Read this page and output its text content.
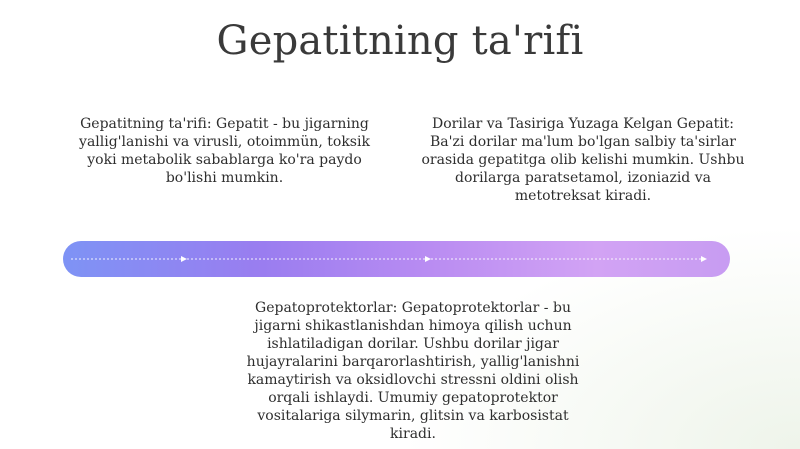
Gepatitning ta'rifi
Gepatitning ta'rifi: Gepatit - bu jigarning yallig'lanishi va virusli, otoimmün, toksik yoki metabolik sabablarga ko'ra paydo bo'lishi mumkin.
Dorilar va Tasiriga Yuzaga Kelgan Gepatit: Ba'zi dorilar ma'lum bo'lgan salbiy ta'sirlar orasida gepatitga olib kelishi mumkin. Ushbu dorilarga paratsetamol, izoniazid va metotreksat kiradi.
Gepatoprotektorlar: Gepatoprotektorlar - bu jigarni shikastlanishdan himoya qilish uchun ishlatiladigan dorilar. Ushbu dorilar jigar hujayralarini barqarorlashtirish, yallig'lanishni kamaytirish va oksidlovchi stressni oldini olish orqali ishlaydi. Umumiy gepatoprotektor vositalariga silymarin, glitsin va karbosistat kiradi.
